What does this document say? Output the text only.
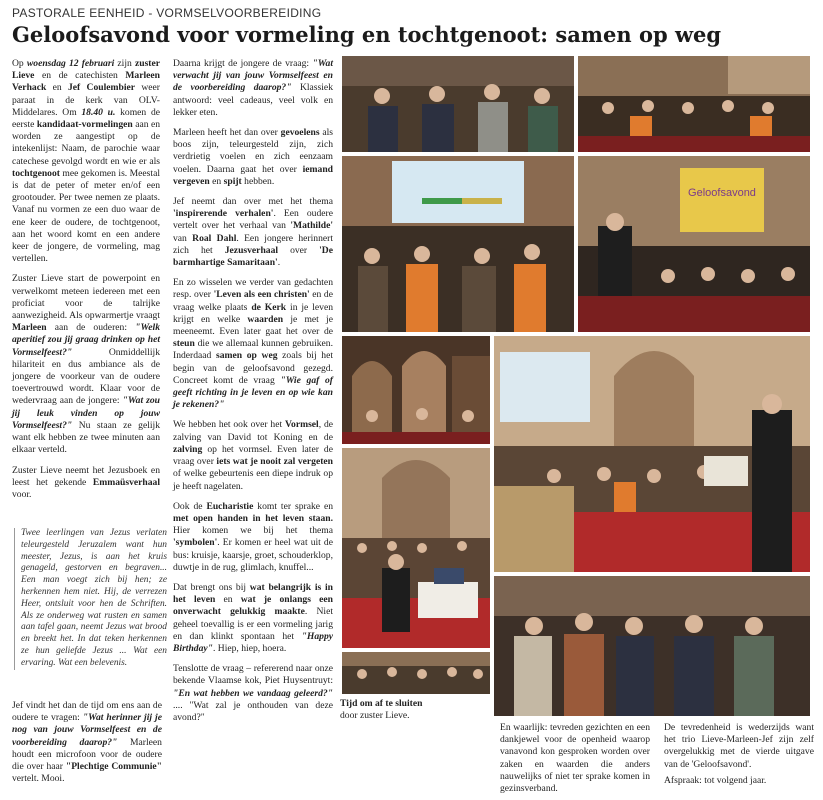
PASTORALE EENHEID - VORMSELVOORBEREIDING
Geloofsavond voor vormeling en tochtgenoot: samen op weg

Op woensdag 12 februari zijn zuster Lieve en de catechisten Marleen Verhack en Jef Coulembier weer paraat in de kerk van OLV-Middelares. Om 18.40 u. komen de eerste kandidaat-vormelingen aan en worden ze aangestipt op de intekenlijst: Naam, de parochie waar catechese gevolgd wordt en wie er als tochtgenoot mee gekomen is. Meestal is dat de peter of meter en/of een grootouder. Per twee nemen ze plaats. Vanaf nu vormen ze een duo waar de ene keer de oudere, de tochtgenoot, aan het woord komt en een andere keer de jongere, de vormeling, mag vertellen.

Zuster Lieve start de powerpoint en verwelkomt meteen iedereen met een proficiat voor de talrijke aanwezigheid. Als opwarmertje vraagt Marleen aan de ouderen: "Welk aperitief zou jij graag drinken op het Vormselfeest?" Onmiddellijk hilariteit en dus ambiance als de jongere de voorkeur van de oudere toevertrouwd wordt. Klaar voor de wedervraag aan de jongere: "Wat zou jij leuk vinden op jouw Vormselfeest?" Nu staan ze gelijk want elk hebben ze twee minuten aan elkaar verteld.

Zuster Lieve neemt het Jezusboek en leest het gekende Emmaüsverhaal voor.

Twee leerlingen van Jezus verlaten teleurgesteld Jeruzalem want hun meester, Jezus, is aan het kruis genageld, gestorven en begraven... Een man voegt zich bij hen; ze herkennen hem niet. Hij, de verrezen Heer, ontsluit voor hen de Schriften. Als ze onderweg wat rusten en samen aan tafel gaan, neemt Jezus wat brood en breekt het. In dat teken herkennen ze hun geliefde Jezus ... Wat een ervaring. Wat een belevenis.

Jef vindt het dan de tijd om ens aan de oudere te vragen: "Wat herinner jij je nog van jouw Vormselfeest en de voorbereiding daarop?" Marleen houdt een microfoon voor de oudere die over haar "Plechtige Communie" vertelt. Mooi.

Daarna krijgt de jongere de vraag: "Wat verwacht jij van jouw Vormselfeest en de voorbereiding daarop?" Klassiek antwoord: veel cadeaus, veel volk en lekker eten.

Marleen heeft het dan over gevoelens als boos zijn, teleurgesteld zijn, zich verdrietig voelen en zich eenzaam voelen. Daarna gaat het over iemand vergeven en spijt hebben.

Jef neemt dan over met het thema 'inspirerende verhalen'. Een oudere vertelt over het verhaal van 'Mathilde' van Roal Dahl. Een jongere herinnert zich het Jezusverhaal over 'De barmhartige Samaritaan'.

En zo wisselen we verder van gedachten resp. over 'Leven als een christen' en de vraag welke plaats de Kerk in je leven krijgt en welke waarden je met je meeneemt. Even later gaat het over de steun die we allemaal kunnen gebruiken. Inderdaad samen op weg zoals bij het begin van de geloofsavond gezegd. Concreet komt de vraag "Wie gaf of geeft richting in je leven en op wie kan je rekenen?"

We hebben het ook over het Vormsel, de zalving van David tot Koning en de zalving op het vormsel. Even later de vraag over iets wat je nooit zal vergeten of welke gebeurtenis een diepe indruk op je heeft nagelaten.

Ook de Eucharistie komt ter sprake en met open handen in het leven staan. Hier komen we bij het thema 'symbolen'. Er komen er heel wat uit de bus: kruisje, kaarsje, groet, schouderklop, duwtje in de rug, glimlach, knuffel...

Dat brengt ons bij wat belangrijk is in het leven en wat je onlangs een onverwacht gelukkig maakte. Niet geheel toevallig is er een vormeling jarig en dan klinkt spontaan het "Happy Birthday". Hiep, hiep, hoera.

Tenslotte de vraag – refererend naar onze bekende Vlaamse kok, Piet Huysentruyt: "En wat hebben we vandaag geleerd?" .... "Wat zal je onthouden van deze avond?"

Geloofsavond
Tijd om af te sluiten
door zuster Lieve.
En waarlijk: tevreden gezichten en een dankjewel voor de openheid waarop vanavond kon gesproken worden over zaken en waarden die anders nauwelijks of niet ter sprake komen in gezinsverband.
De tevredenheid is wederzijds want het trio Lieve-Marleen-Jef zijn zelf overgelukkig met de vierde uitgave van de 'Geloofsavond'.
Afspraak: tot volgend jaar.
